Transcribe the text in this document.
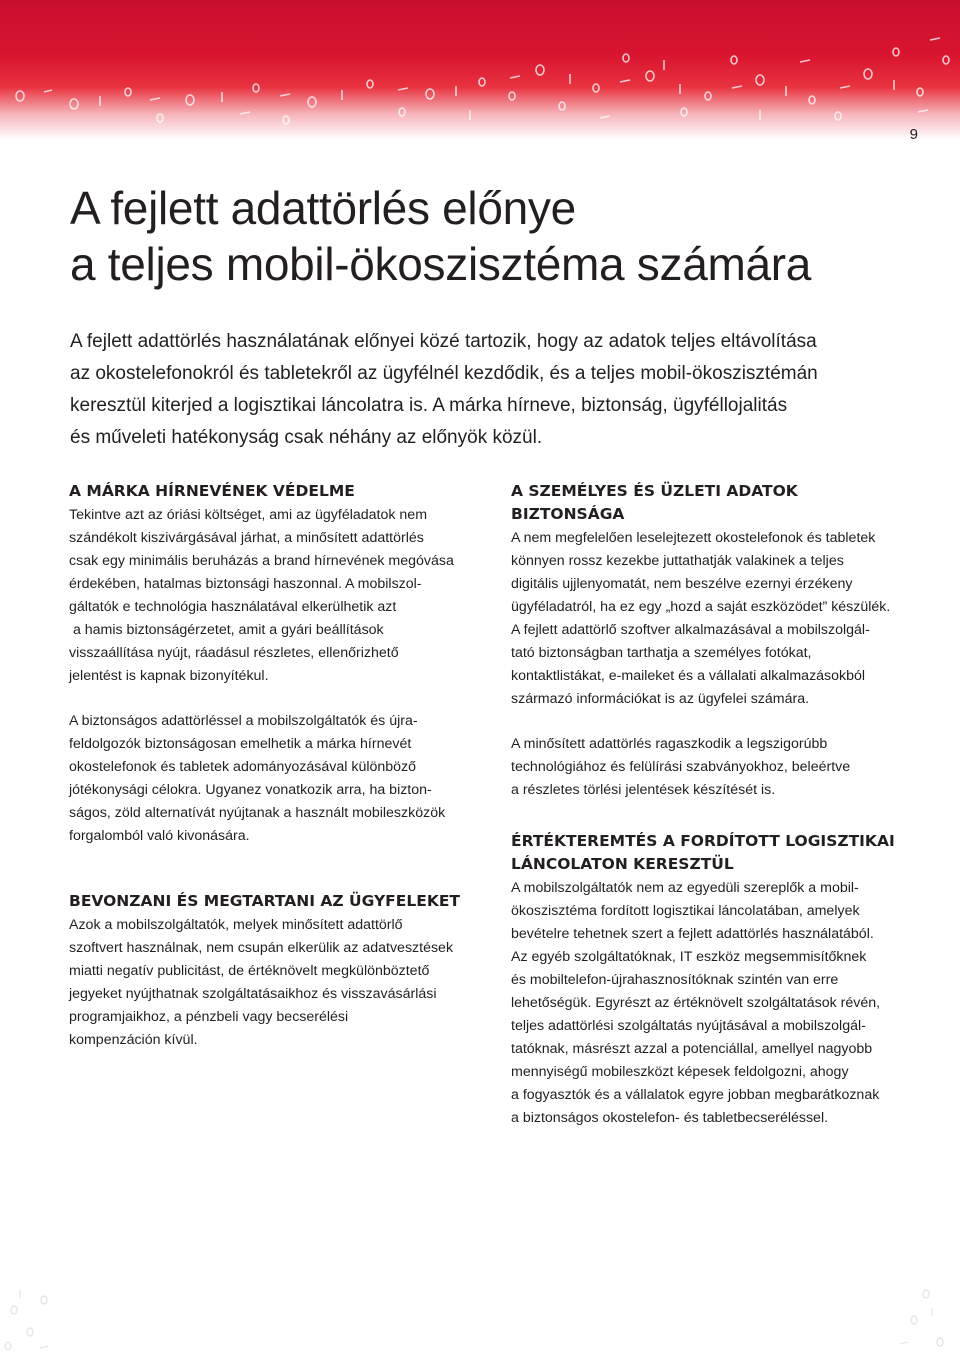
9
A fejlett adattörlés előnye
a teljes mobil-ökoszisztéma számára
A fejlett adattörlés használatának előnyei közé tartozik, hogy az adatok teljes eltávolítása
az okostelefonokról és tabletekről az ügyfélnél kezdődik, és a teljes mobil-ökoszisztémán
keresztül kiterjed a logisztikai láncolatra is. A márka hírneve, biztonság, ügyféllojalitás
és műveleti hatékonyság csak néhány az előnyök közül.
A MÁRKA HÍRNEVÉNEK VÉDELME

Tekintve azt az óriási költséget, ami az ügyféladatok nem
szándékolt kiszivárgásával járhat, a minősített adattörlés
csak egy minimális beruházás a brand hírnevének megóvása
érdekében, hatalmas biztonsági haszonnal. A mobilszol-
gáltatók e technológia használatával elkerülhetik azt
a hamis biztonságérzetet, amit a gyári beállítások
visszaállítása nyújt, ráadásul részletes, ellenőrizhető
jelentést is kapnak bizonyítékul.

A biztonságos adattörléssel a mobilszolgáltatók és újra-
feldolgozók biztonságosan emelhetik a márka hírnevét
okostelefonok és tabletek adományozásával különböző
jótékonysági célokra. Ugyanez vonatkozik arra, ha bizton-
ságos, zöld alternatívát nyújtanak a használt mobileszközök
forgalomból való kivonására.

BEVONZANI ÉS MEGTARTANI AZ ÜGYFELEKET

Azok a mobilszolgáltatók, melyek minősített adattörlő
szoftvert használnak, nem csupán elkerülik az adatvesztések
miatti negatív publicitást, de értéknövelt megkülönböztető
jegyeket nyújthatnak szolgáltatásaikhoz és visszavásárlási
programjaikhoz, a pénzbeli vagy becserélési
kompenzáción kívül.

A SZEMÉLYES ÉS ÜZLETI ADATOK
BIZTONSÁGA

A nem megfelelően leselejtezett okostelefonok és tabletek
könnyen rossz kezekbe juttathatják valakinek a teljes
digitális ujjlenyomatát, nem beszélve ezernyi érzékeny
ügyféladatról, ha ez egy „hozd a saját eszközödet” készülék.
A fejlett adattörlő szoftver alkalmazásával a mobilszolgál-
tató biztonságban tarthatja a személyes fotókat,
kontaktlistákat, e-maileket és a vállalati alkalmazásokból
származó információkat is az ügyfelei számára.

A minősített adattörlés ragaszkodik a legszigorúbb
technológiához és felülírási szabványokhoz, beleértve
a részletes törlési jelentések készítését is.

ÉRTÉKTEREMTÉS A FORDÍTOTT LOGISZTIKAI
LÁNCOLATON KERESZTÜL

A mobilszolgáltatók nem az egyedüli szereplők a mobil-
ökoszisztéma fordított logisztikai láncolatában, amelyek
bevételre tehetnek szert a fejlett adattörlés használatából.
Az egyéb szolgáltatóknak, IT eszköz megsemmisítőknek
és mobiltelefon-újrahasznosítóknak szintén van erre
lehetőségük. Egyrészt az értéknövelt szolgáltatások révén,
teljes adattörlési szolgáltatás nyújtásával a mobilszolgál-
tatóknak, másrészt azzal a potenciállal, amellyel nagyobb
mennyiségű mobileszközt képesek feldolgozni, ahogy
a fogyasztók és a vállalatok egyre jobban megbarátkoznak
a biztonságos okostelefon- és tabletbecseréléssel.
